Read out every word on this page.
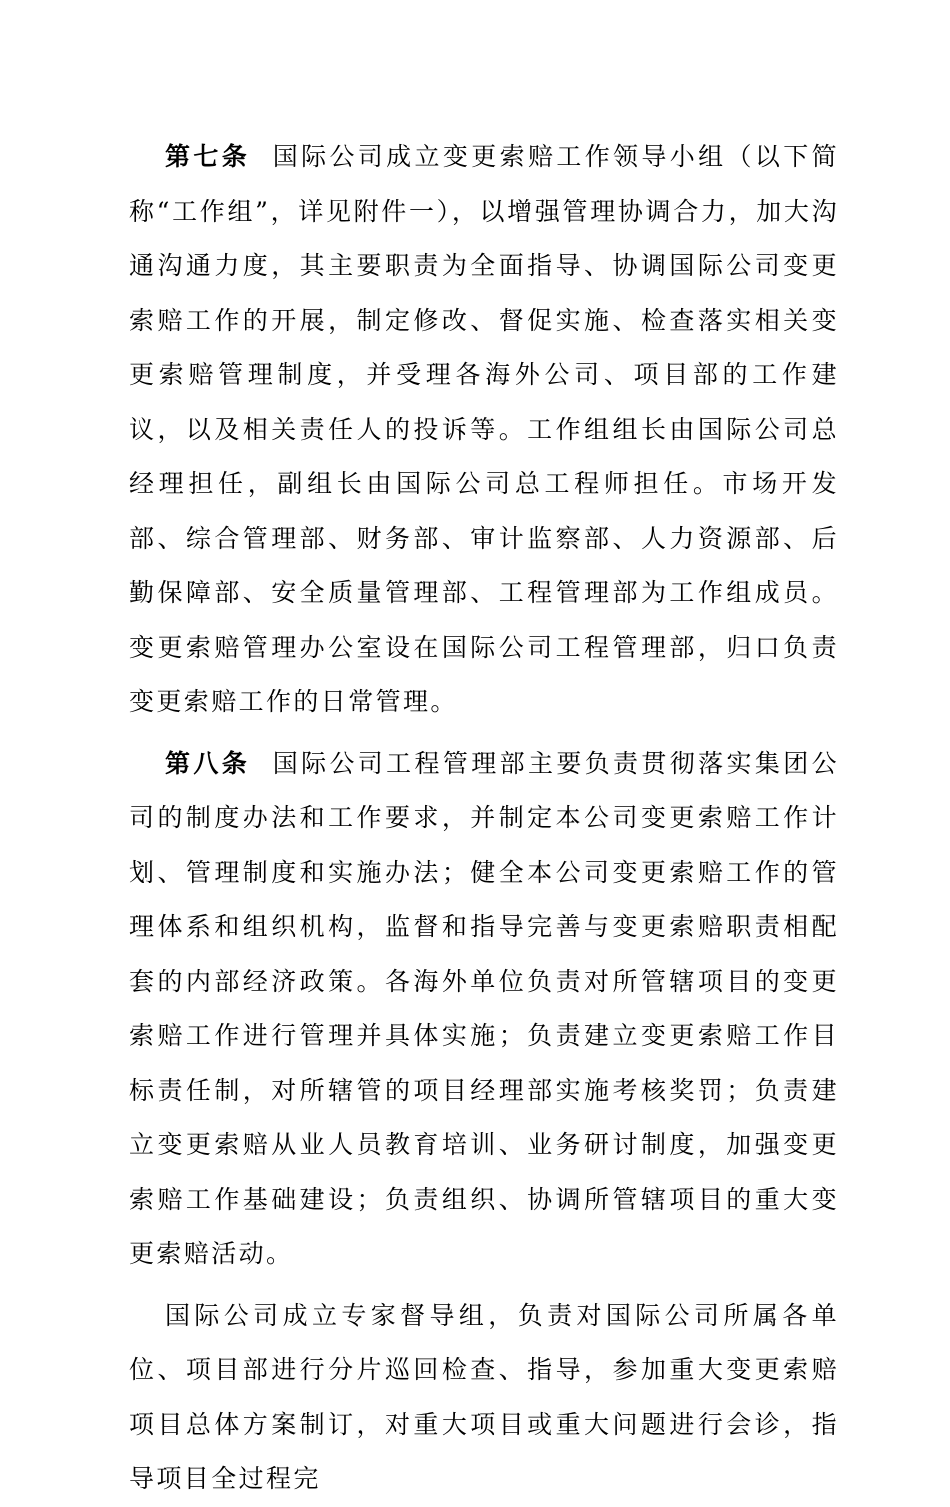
第七条 国际公司成立变更索赔工作领导小组（以下简称“工作组”，详见附件一），以增强管理协调合力，加大沟通沟通力度，其主要职责为全面指导、协调国际公司变更索赔工作的开展，制定修改、督促实施、检查落实相关变更索赔管理制度，并受理各海外公司、项目部的工作建议，以及相关责任人的投诉等。工作组组长由国际公司总经理担任，副组长由国际公司总工程师担任。市场开发部、综合管理部、财务部、审计监察部、人力资源部、后勤保障部、安全质量管理部、工程管理部为工作组成员。变更索赔管理办公室设在国际公司工程管理部，归口负责变更索赔工作的日常管理。

第八条 国际公司工程管理部主要负责贯彻落实集团公司的制度办法和工作要求，并制定本公司变更索赔工作计划、管理制度和实施办法；健全本公司变更索赔工作的管理体系和组织机构，监督和指导完善与变更索赔职责相配套的内部经济政策。各海外单位负责对所管辖项目的变更索赔工作进行管理并具体实施；负责建立变更索赔工作目标责任制，对所辖管的项目经理部实施考核奖罚；负责建立变更索赔从业人员教育培训、业务研讨制度，加强变更索赔工作基础建设；负责组织、协调所管辖项目的重大变更索赔活动。

国际公司成立专家督导组，负责对国际公司所属各单位、项目部进行分片巡回检查、指导，参加重大变更索赔项目总体方案制订，对重大项目或重大问题进行会诊，指导项目全过程完
